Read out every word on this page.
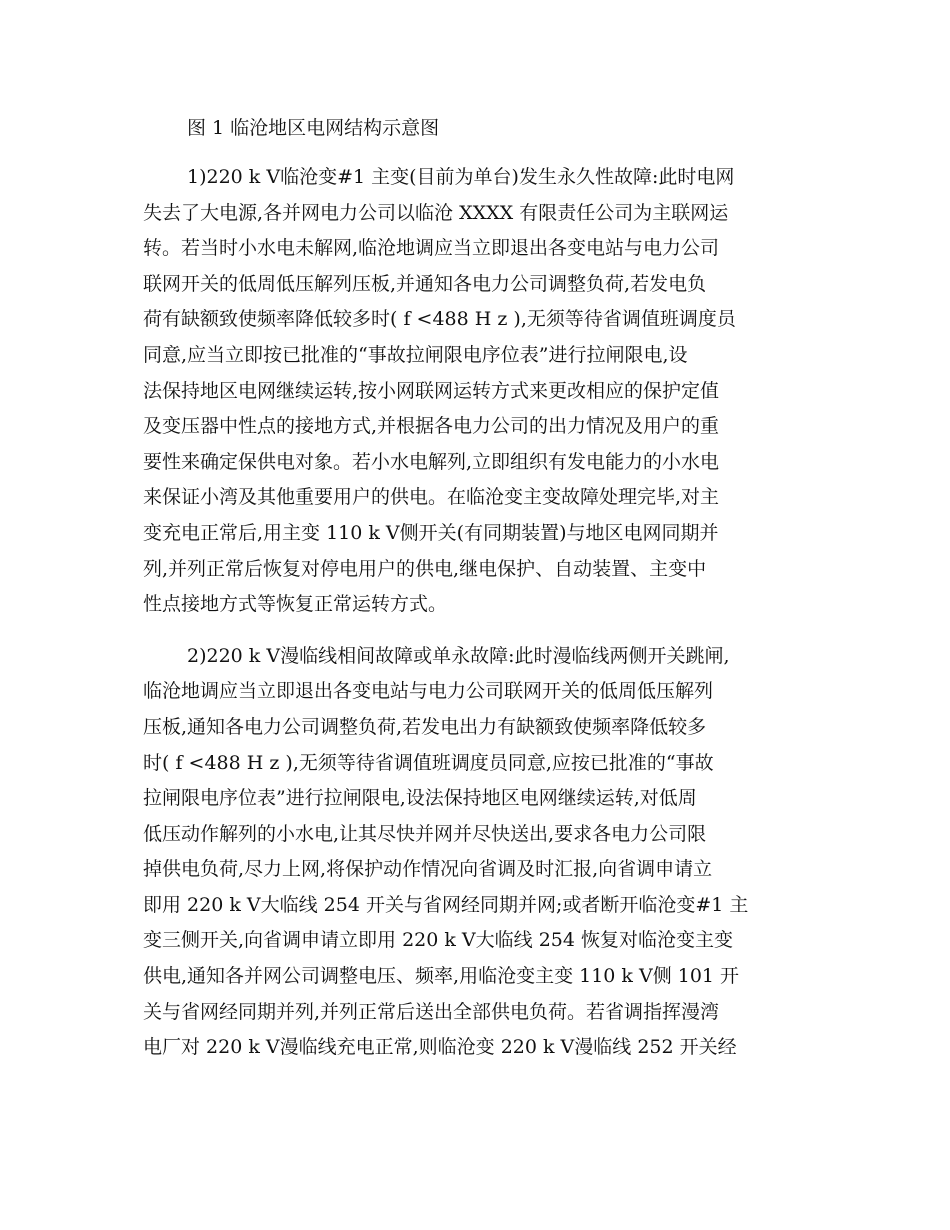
图 1 临沧地区电网结构示意图
1)220 k V临沧变#1 主变(目前为单台)发生永久性故障:此时电网
失去了大电源,各并网电力公司以临沧 XXXX 有限责任公司为主联网运
转。若当时小水电未解网,临沧地调应当立即退出各变电站与电力公司
联网开关的低周低压解列压板,并通知各电力公司调整负荷,若发电负
荷有缺额致使频率降低较多时( f <488 H z ),无须等待省调值班调度员
同意,应当立即按已批准的“事故拉闸限电序位表”进行拉闸限电,设
法保持地区电网继续运转,按小网联网运转方式来更改相应的保护定值
及变压器中性点的接地方式,并根据各电力公司的出力情况及用户的重
要性来确定保供电对象。若小水电解列,立即组织有发电能力的小水电
来保证小湾及其他重要用户的供电。在临沧变主变故障处理完毕,对主
变充电正常后,用主变 110 k V侧开关(有同期装置)与地区电网同期并
列,并列正常后恢复对停电用户的供电,继电保护、自动装置、主变中
性点接地方式等恢复正常运转方式。
2)220 k V漫临线相间故障或单永故障:此时漫临线两侧开关跳闸,
临沧地调应当立即退出各变电站与电力公司联网开关的低周低压解列
压板,通知各电力公司调整负荷,若发电出力有缺额致使频率降低较多
时( f <488 H z ),无须等待省调值班调度员同意,应按已批准的“事故
拉闸限电序位表”进行拉闸限电,设法保持地区电网继续运转,对低周
低压动作解列的小水电,让其尽快并网并尽快送出,要求各电力公司限
掉供电负荷,尽力上网,将保护动作情况向省调及时汇报,向省调申请立
即用 220 k V大临线 254 开关与省网经同期并网;或者断开临沧变#1 主
变三侧开关,向省调申请立即用 220 k V大临线 254 恢复对临沧变主变
供电,通知各并网公司调整电压、频率,用临沧变主变 110 k V侧 101 开
关与省网经同期并列,并列正常后送出全部供电负荷。若省调指挥漫湾
电厂对 220 k V漫临线充电正常,则临沧变 220 k V漫临线 252 开关经
